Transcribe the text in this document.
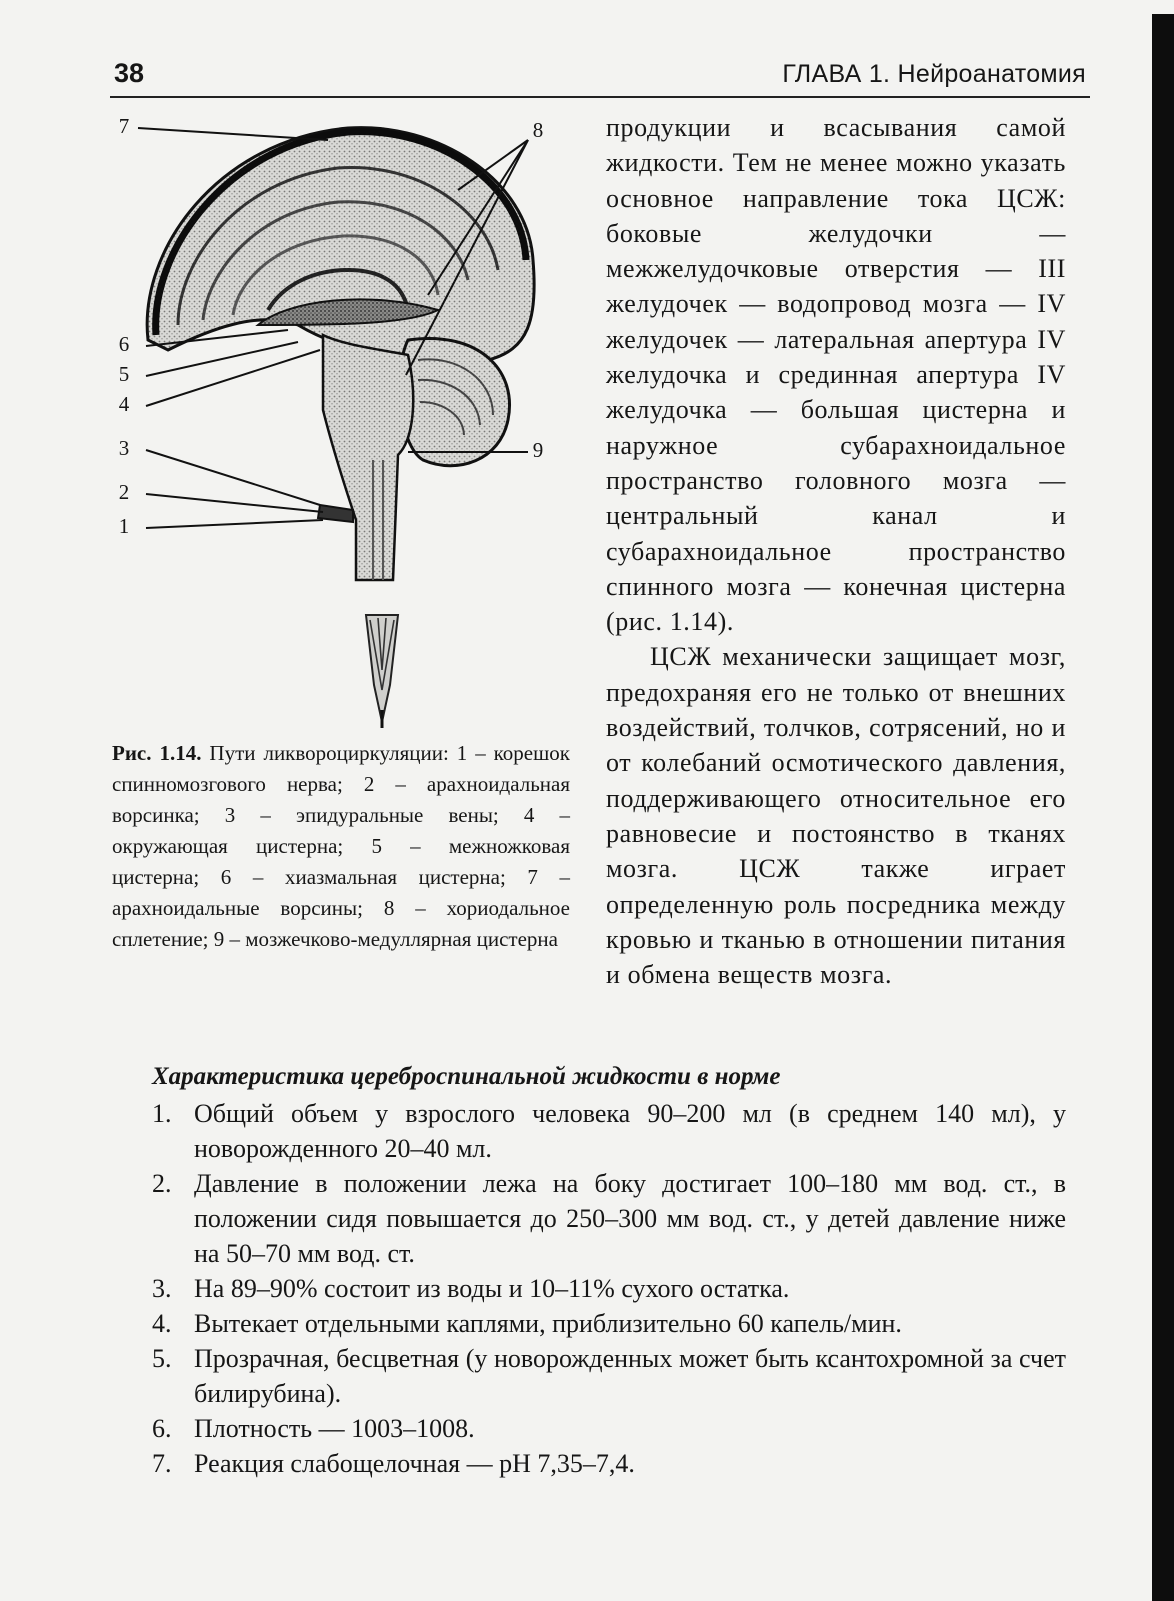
38	ГЛАВА 1. Нейроанатомия
7	8
6
5
4
3	9
2
1
Рис. 1.14. Пути ликвороциркуляции: 1 – корешок спинномозгового нерва; 2 – арахноидальная ворсинка; 3 – эпидуральные вены; 4 – окружающая цистерна; 5 – межножковая цистерна; 6 – хиазмальная цистерна; 7 – арахноидальные ворсины; 8 – хориодальное сплетение; 9 – мозжечково-медуллярная цистерна

продукции и всасывания самой жидкости. Тем не менее можно указать основное направление тока ЦСЖ: боковые желудочки — межжелудочковые отверстия — III желудочек — водопровод мозга — IV желудочек — латеральная апертура IV желудочка и срединная апертура IV желудочка — большая цистерна и наружное субарахноидальное пространство головного мозга — центральный канал и субарахноидальное пространство спинного мозга — конечная цистерна (рис. 1.14).

ЦСЖ механически защищает мозг, предохраняя его не только от внешних воздействий, толчков, сотрясений, но и от колебаний осмотического давления, поддерживающего относительное его равновесие и постоянство в тканях мозга. ЦСЖ также играет определенную роль посредника между кровью и тканью в отношении питания и обмена веществ мозга.

Характеристика цереброспинальной жидкости в норме
1. Общий объем у взрослого человека 90–200 мл (в среднем 140 мл), у новорожденного 20–40 мл.
2. Давление в положении лежа на боку достигает 100–180 мм вод. ст., в положении сидя повышается до 250–300 мм вод. ст., у детей давление ниже на 50–70 мм вод. ст.
3. На 89–90% состоит из воды и 10–11% сухого остатка.
4. Вытекает отдельными каплями, приблизительно 60 капель/мин.
5. Прозрачная, бесцветная (у новорожденных может быть ксантохромной за счет билирубина).
6. Плотность — 1003–1008.
7. Реакция слабощелочная — рН 7,35–7,4.
